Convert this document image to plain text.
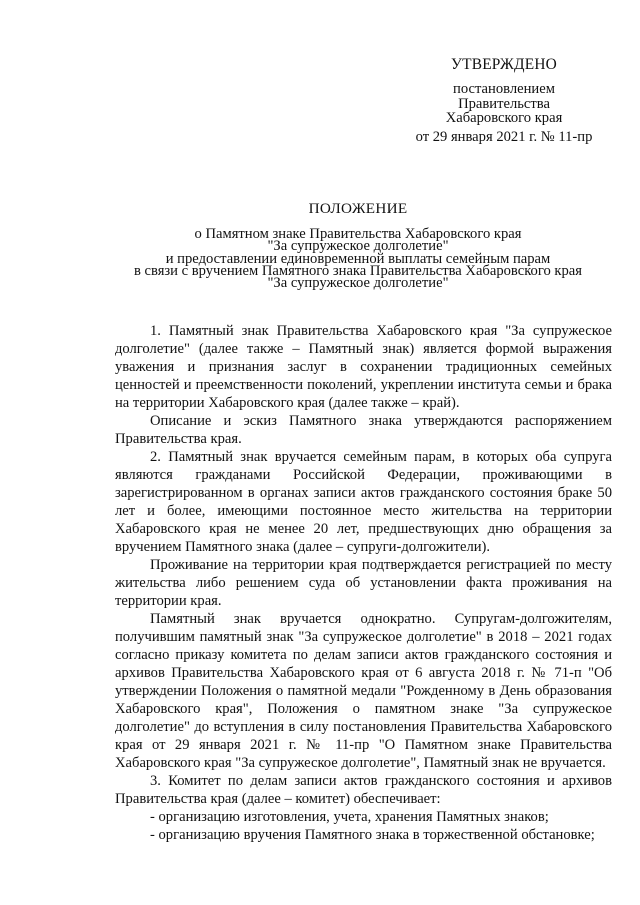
УТВЕРЖДЕНО
постановлением
Правительства
Хабаровского края
от 29 января 2021 г. № 11-пр
ПОЛОЖЕНИЕ
о Памятном знаке Правительства Хабаровского края
"За супружеское долголетие"
и предоставлении единовременной выплаты семейным парам
в связи с вручением Памятного знака Правительства Хабаровского края
"За супружеское долголетие"

1. Памятный знак Правительства Хабаровского края "За супружеское долголетие" (далее также – Памятный знак) является формой выражения уважения и признания заслуг в сохранении традиционных семейных ценностей и преемственности поколений, укреплении института семьи и брака на территории Хабаровского края (далее также – край).

Описание и эскиз Памятного знака утверждаются распоряжением Правительства края.

2. Памятный знак вручается семейным парам, в которых оба супруга являются гражданами Российской Федерации, проживающими в зарегистрированном в органах записи актов гражданского состояния браке 50 лет и более, имеющими постоянное место жительства на территории Хабаровского края не менее 20 лет, предшествующих дню обращения за вручением Памятного знака (далее – супруги-долгожители).

Проживание на территории края подтверждается регистрацией по месту жительства либо решением суда об установлении факта проживания на территории края.

Памятный знак вручается однократно. Супругам-долгожителям, получившим памятный знак "За супружеское долголетие" в 2018 – 2021 годах согласно приказу комитета по делам записи актов гражданского состояния и архивов Правительства Хабаровского края от 6 августа 2018 г. № 71-п "Об утверждении Положения о памятной медали "Рожденному в День образования Хабаровского края", Положения о памятном знаке "За супружеское долголетие" до вступления в силу постановления Правительства Хабаровского края от 29 января 2021 г. № 11-пр "О Памятном знаке Правительства Хабаровского края "За супружеское долголетие", Памятный знак не вручается.

3. Комитет по делам записи актов гражданского состояния и архивов Правительства края (далее – комитет) обеспечивает:

- организацию изготовления, учета, хранения Памятных знаков;

- организацию вручения Памятного знака в торжественной обстановке;
